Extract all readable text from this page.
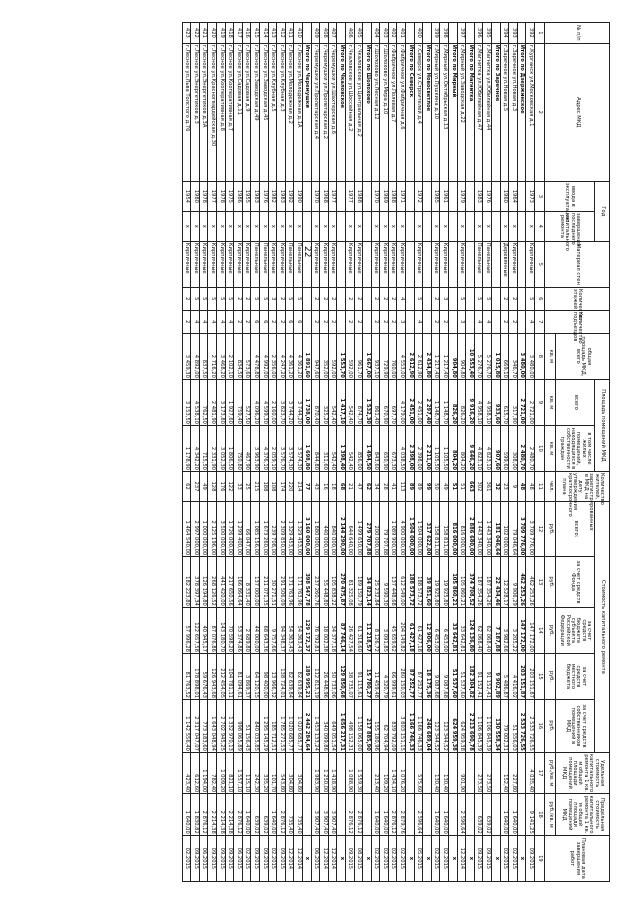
22
№ п/п	Адрес МКД	Год		Материал стен	Количество этажей	Количество подъездов	общая площадь МКД, всего	Площадь помещений МКД		Количество жителей, зарегистрированных в МКД на дату утверждения краткосрочного плана	Стоимость капитального ремонта					Удельная стоимость капитального ремонта 1 кв. м общей площади помещений МКД	Предельная стоимость капитального ремонта 1 кв. м общей площади помещений МКД	Плановая дата завершения работ
		ввода в эксплуатацию	завершения последнего капитального ремонта					всего	в том числе жилых помещений, находящихся в собственности граждан		всего:	за счет средств Фонда	за счет средств бюджета субъекта Российской Федерации	за счет средств местного бюджета	за счет средств собственников помещений в МКД			
							кв. м	кв. м	кв. м	чел.	руб.	руб.	руб.	руб.	руб.	руб./кв. м	руб./кв. м	
1	2	3	4	5	6	7	8	9	10	11	12	13	14	15	16	17	18	19
392	г.Курганск ул.Московская д.1	1973	х	Кирпичные	5	4	3 480,00	2 721,00	2 480,70	48	3 709 776,00	462 253,26	147 172,00	203 151,87	2 533 726,55	4 035,40	9 141,25	09.2015
	Итого по Дзержинское						3 480,00	2 721,00	2 480,70	48	3 709 776,00	462 253,26	147 172,00	203 151,87	2 533 726,55			х
393	г.Заречное ул.Новая д.3	1964	х	Кирпичные	2	2	346,70	317,90	308,00	9	79 046,64	9 906,29	3 205,22	4 416,02	51 556,03	227,80	1 640,00	02.2015
394	г.Заречное ул.Новая д.5	1960	х	Деревянные	2	2	669,10	615,70	599,60	23	102 000,00	12 528,17	3 982,66	5 486,87	79 002,31	152,40	1 640,00	02.2015
	Итого по Заречное						1 015,80	933,60	907,60	32	181 046,64	22 434,46	7 187,88	9 902,89	130 558,34			х
395	г.Магнитка ул.Юбилейная д.44	1976	х	Панельные	5	4	5 276,70	4 958,10	4 823,10	361	1 443 340,00	187 354,26	62 068,40	91 152,41	1 106 845,39	273,50	639,02	09.2015
396	г.Магнитка ул.Юбилейная д.47	1983	х	Панельные	5	4	5 276,70	4 958,10	4 823,10	302	1 443 340,00	187 354,26	62 068,40	91 152,41	1 106 845,39	273,50	639,02	09.2015
	Итого по Магнитка						10 553,40	9 916,20	9 646,20	663	2 886 680,00	374 708,52	124 136,80	182 304,82	2 213 690,78			х
397	г.Мирный ул.Заводская д.22	1979	х	Кирпичные	5	3	904,80	826,20	804,20	51	816 000,00	105 860,21	33 642,81	51 537,60	624 959,38	901,90	2 596,64	12.2014
	Итого по Мирный						904,80	826,20	804,20	51	816 000,00	105 860,21	33 642,81	51 537,60	624 959,38			х
398	г.Мирный ул.Октябрьская д.13	1961	х	Кирпичные	3	2	1 217,40	1 148,70	1 105,50	49	158 811,00	19 925,80	6 453,00	9 087,68	123 344,52	130,40	1 640,00	02.2015
399	г.Мирный ул.Пушкина д.10	1985	х	Кирпичные	2	2	1 217,40	1 148,70	1 105,50	50	158 811,00	19 925,80	6 453,00	9 087,68	123 344,52	130,40	1 640,00	02.2015
	Итого по Новосветлое						2 434,80	2 297,40	2 211,00	99	317 622,00	39 851,60	12 906,00	18 175,36	246 689,04			х
400	г.Северск ул.Строителей д.4	1972	х	Кирпичные	5	4	2 612,90	2 451,00	2 398,00	89	1 504 000,00	188 573,72	61 427,18	87 252,77	1 166 746,33	575,60	2 596,64	05.2015
	Итого по Северск						2 612,90	2 451,00	2 398,00	89	1 504 000,00	188 573,72	61 427,18	87 252,77	1 166 746,33			х
401	г.Фабричное ул.Фабричная д.6	1971	х	Кирпичные	4	3	4 553,00	4 179,00	4 038,50	113	4 900 000,00	612 549,00	204 149,82	280 150,03	3 803 151,15	1 076,20	2 879,76	02.2015
402	г.Фабричное ул.Полевая д.7	1988	х	Кирпичные	2	2	760,00	697,70	673,30	41	1 089 900,00	137 448,68	45 659,62	66 999,61	839 792,09	1 434,10	2 876,12	02.2015
403	г.Шолохово ул.Мира д.10	1969	х	Кирпичные	2	2	729,90	670,90	650,90	28	79 707,88	9 590,30	3 091,85	4 320,79	62 704,94	109,20	1 640,00	02.2015
404	г.Шолохово ул.Лесная д.12	1970	х	Кирпичные	2	2	937,10	861,40	843,60	34	200 000,00	25 232,84	8 126,72	11 459,48	155 180,96	213,40	1 640,00	02.2015
	Итого по Шолохово						1 667,00	1 532,30	1 494,50	62	279 707,88	34 823,14	11 218,57	15 780,27	217 885,90			х
405	г.Чкаловское ул.Центральная д.2	1988	х	Кирпичные	2	2	961,70	874,70	856,00	47	1 499 650,00	189 150,79	61 318,60	91 115,61	1 158 065,00	1 559,30	2 876,12	08.2015
406	г.Чкаловское ул.Шоссейная д.2	1977	х	Кирпичные	2	2	592,00	542,40	542,40	21	644 640,00	81 325,08	26 427,54	38 735,07	498 152,31	1 088,90	2 876,12	09.2015
	Итого по Чкаловское						1 553,70	1 417,10	1 398,40	68	2 144 290,00	270 475,87	87 746,14	129 850,68	1 656 217,31			х
407	г.Черемушки ул.Шахтерская д.6	1977	х	Кирпичные	2	2	592,00	542,40	542,40	18	840 000,00	105 838,22	34 377,18	50 733,06	649 051,54	1 418,90	3 907,40	12.2014
408	г.Черемушки ул.Пролетарская д.2	1968	х	Кирпичные	2	2	352,00	325,20	311,60	16	440 000,00	55 448,80	18 002,38	26 448,96	340 099,86	1 250,00	3 907,40	12.2014
409	г.Черемушки ул.Пролетарская д.4	1970	х	Кирпичные	2	2	947,60	870,40	844,80	43	1 880 000,00	237 260,76	76 792,81	112 813,19	1 453 133,24	1 983,90	3 907,40	06.2015
	Итого по Черемушки						1 891,60	1 738,00	1 698,80	77	3 160 000,00	398 547,78	129 172,37	189 995,21	2 442 284,64			х
410	г.Лесное ул.Молодежная д.1А	1990	х	Панельные	5	6	4 361,20	3 744,20	3 574,30	214	1 329 453,00	171 763,96	54 363,43	82 639,84	1 020 685,77	304,80	735,40	12.2014
411	г.Лесное ул.Молодежная д.2	1992	х	Панельные	5	6	4 361,20	3 744,20	3 574,30	220	1 329 453,00	171 763,96	54 363,43	82 639,84	1 020 685,77	304,80	735,40	12.2014
412	г.Лесное ул.Клубная д.3	1983	х	Кирпичные	2	2	4 247,20	3 823,70	3 576,70	174	2 309 850,00	291 506,09	94 348,37	138 724,01	1 785 271,53	543,80	2 876,12	09.2015
413	г.Лесное ул.Клубная д.5	1982	х	Кирпичные	3	2	2 356,00	2 160,00	2 059,10	108	239 708,00	30 271,51	9 757,66	13 966,32	185 712,51	101,70	1 640,00	02.2015
414	г.Лесное ул.Заводская д.45	1976	х	Панельные	5	6	4 992,00	4 599,30	4 376,10	188	1 673 260,00	211 071,35	68 643,36	98 400,00	1 295 145,29	335,20	639,02	09.2015
415	г.Лесное ул.Заводская д.49	1983	х	Панельные	5	6	4 478,80	4 096,20	3 963,90	215	1 085 156,00	137 000,00	44 000,00	64 120,15	840 035,85	242,30	639,02	09.2015
416	г.Лесное ул.Садовая д.9	1955	х	Кирпичные	2	2	573,60	527,50	467,90	25	66 047,00	8 331,40	2 689,80	3 869,37	51 156,43	115,10	1 640,00	02.2015
417	г.Лесное ул.Садовая д.11	1986	х	Кирпичные	2	2	834,50	759,40	750,80	33	1 299 400,00	166 864,64	53 374,86	81 094,61	998 065,89	1 557,10	2 876,12	06.2015
418	г.Лесное ул.Кооперативная д.7	1975	х	Кирпичные	5	4	2 102,10	1 927,60	1 806,50	122	1 726 000,00	217 650,56	70 598,20	104 781,11	1 332 970,13	821,10	2 214,38	09.2015
419	г.Лесное ул.Кооперативная д.8	1978	х	Кирпичные	5	4	3 468,20	3 173,80	3 052,30	176	3 500 000,00	441 420,00	143 180,70	212 454,05	2 702 945,25	1 009,20	2 214,38	09.2015
420	г.Лесное ул.Красногвардейская д.30	1977	х	Кирпичные	5	4	2 716,20	2 481,90	2 331,90	128	2 125 196,00	268 126,52	87 076,86	126 943,68	1 643 048,94	782,40	2 214,38	09.2015
421	г.Лесное ул.Энергетиков д.3А	1978	х	Кирпичные	5	4	837,50	762,50	715,50	49	1 000 000,00	126 194,80	40 945,17	59 676,43	773 183,60	1 194,00	2 876,12	06.2015
422	г.Лесное ул.Энергетиков д.3	1980	х	Кирпичные	5	4	4 892,00	4 538,10	4 342,20	237	2 997 000,00	378 397,34	122 657,58	178 898,01	2 317 047,07	612,60	1 830,82	09.2015
423	г.Лесное ул.Льва Толстого д.76	1954	х	Кирпичные	2	2	3 459,30	3 153,50	1 178,90	62	1 464 540,00	182 223,80	57 996,28	81 763,52	1 142 556,40	423,40	1 640,00	02.2015
